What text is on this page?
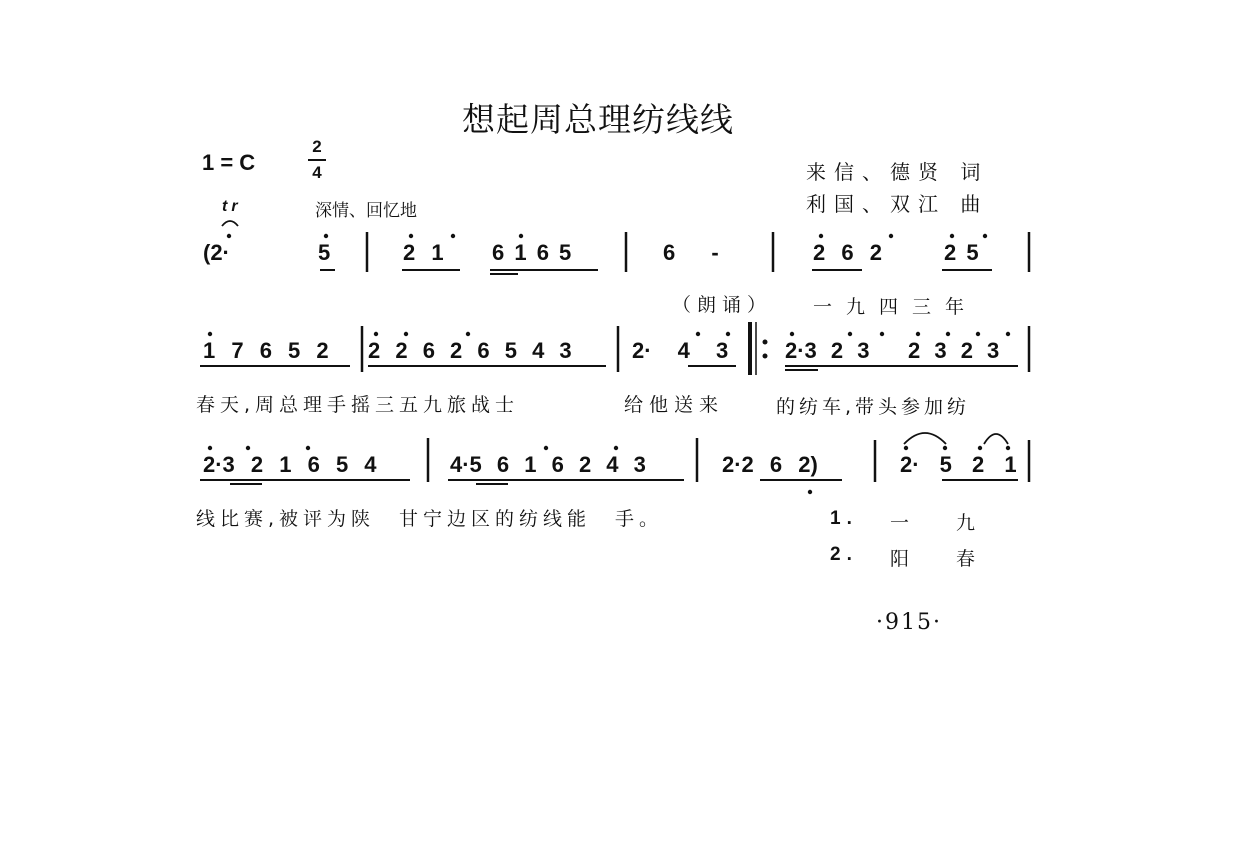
想起周总理纺线线
1 = C
2
4	来信、德贤 词
利国、双江 曲
深情、回忆地
tr
(2·	5	2 1 6 1 6 5	6 -	2 6 2	2 5
1 7 6 5 2 2 2 6 2 6 5 4 3	2· 4 3	2·3 2 3 2 3 2 3
2·3 2 1 6 5 4	4·5 6 1 6 2 4 3	2·2 6 2)	2· 5 2 1
（朗诵） 一九四三年
春天,周总理手摇三五九旅战士	给他送来	的纺车,带头参加纺
线比赛,被评为陕　甘宁边区的纺线能　手。	1. 一　九
2. 阳　春
·915·
